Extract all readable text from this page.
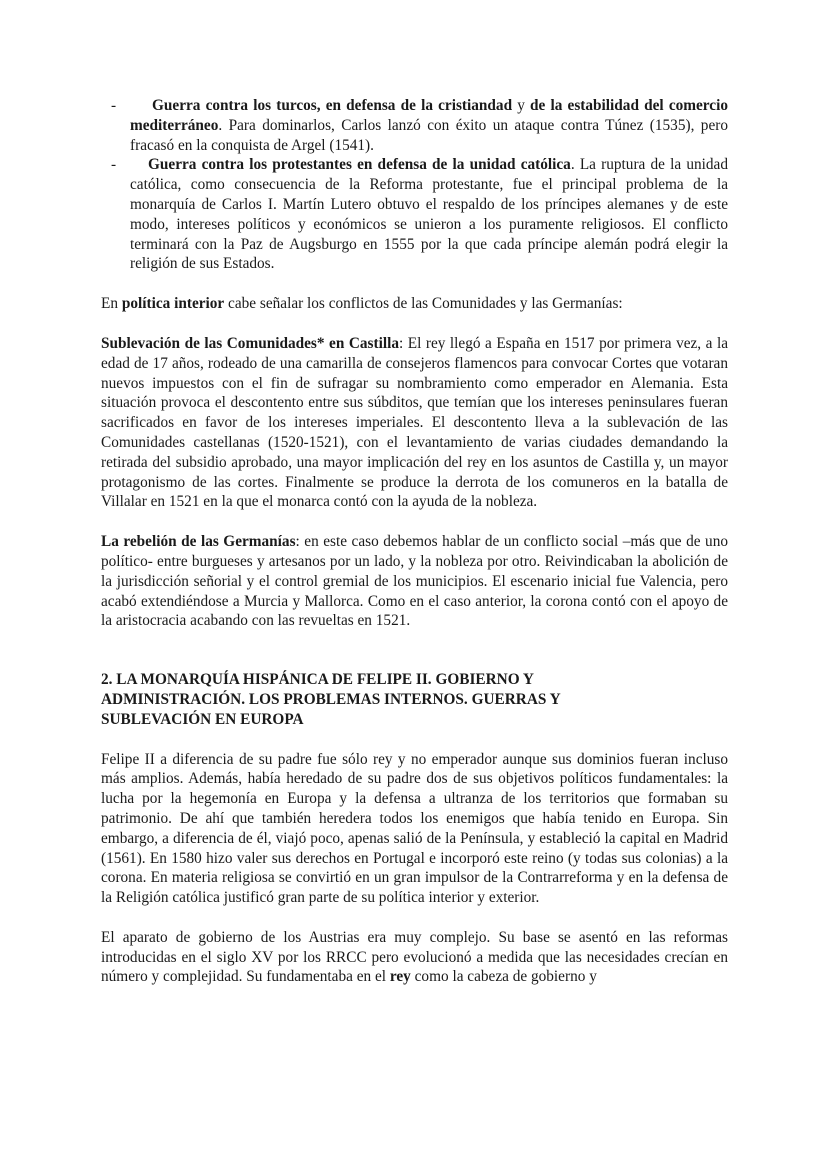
- Guerra contra los turcos, en defensa de la cristiandad y de la estabilidad del comercio mediterráneo. Para dominarlos, Carlos lanzó con éxito un ataque contra Túnez (1535), pero fracasó en la conquista de Argel (1541).
- Guerra contra los protestantes en defensa de la unidad católica. La ruptura de la unidad católica, como consecuencia de la Reforma protestante, fue el principal problema de la monarquía de Carlos I. Martín Lutero obtuvo el respaldo de los príncipes alemanes y de este modo, intereses políticos y económicos se unieron a los puramente religiosos. El conflicto terminará con la Paz de Augsburgo en 1555 por la que cada príncipe alemán podrá elegir la religión de sus Estados.

En política interior cabe señalar los conflictos de las Comunidades y las Germanías:

Sublevación de las Comunidades* en Castilla: El rey llegó a España en 1517 por primera vez, a la edad de 17 años, rodeado de una camarilla de consejeros flamencos para convocar Cortes que votaran nuevos impuestos con el fin de sufragar su nombramiento como emperador en Alemania. Esta situación provoca el descontento entre sus súbditos, que temían que los intereses peninsulares fueran sacrificados en favor de los intereses imperiales. El descontento lleva a la sublevación de las Comunidades castellanas (1520-1521), con el levantamiento de varias ciudades demandando la retirada del subsidio aprobado, una mayor implicación del rey en los asuntos de Castilla y, un mayor protagonismo de las cortes. Finalmente se produce la derrota de los comuneros en la batalla de Villalar en 1521 en la que el monarca contó con la ayuda de la nobleza.

La rebelión de las Germanías: en este caso debemos hablar de un conflicto social –más que de uno político- entre burgueses y artesanos por un lado, y la nobleza por otro. Reivindicaban la abolición de la jurisdicción señorial y el control gremial de los municipios. El escenario inicial fue Valencia, pero acabó extendiéndose a Murcia y Mallorca. Como en el caso anterior, la corona contó con el apoyo de la aristocracia acabando con las revueltas en 1521.

2. LA MONARQUÍA HISPÁNICA DE FELIPE II. GOBIERNO Y
ADMINISTRACIÓN. LOS PROBLEMAS INTERNOS. GUERRAS Y
SUBLEVACIÓN EN EUROPA

Felipe II a diferencia de su padre fue sólo rey y no emperador aunque sus dominios fueran incluso más amplios. Además, había heredado de su padre dos de sus objetivos políticos fundamentales: la lucha por la hegemonía en Europa y la defensa a ultranza de los territorios que formaban su patrimonio. De ahí que también heredera todos los enemigos que había tenido en Europa. Sin embargo, a diferencia de él, viajó poco, apenas salió de la Península, y estableció la capital en Madrid (1561). En 1580 hizo valer sus derechos en Portugal e incorporó este reino (y todas sus colonias) a la corona. En materia religiosa se convirtió en un gran impulsor de la Contrarreforma y en la defensa de la Religión católica justificó gran parte de su política interior y exterior.

El aparato de gobierno de los Austrias era muy complejo. Su base se asentó en las reformas introducidas en el siglo XV por los RRCC pero evolucionó a medida que las necesidades crecían en número y complejidad. Su fundamentaba en el rey como la cabeza de gobierno y
